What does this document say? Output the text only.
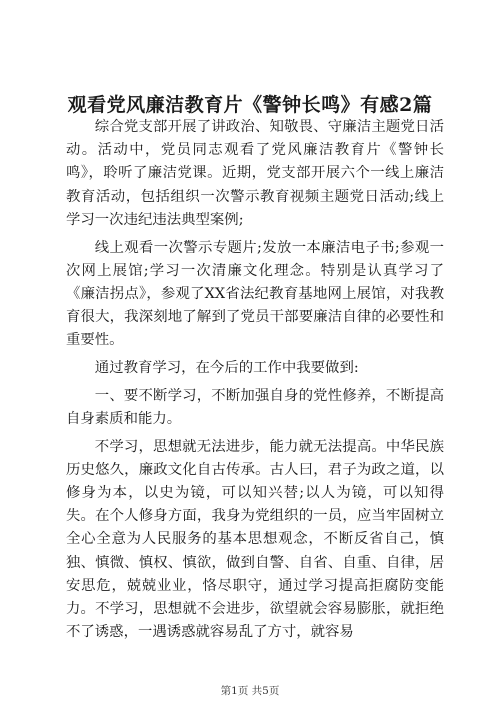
观看党风廉洁教育片《警钟长鸣》有感2篇

综合党支部开展了讲政治、知敬畏、守廉洁主题党日活动。活动中，党员同志观看了党风廉洁教育片《警钟长鸣》，聆听了廉洁党课。近期，党支部开展六个一线上廉洁教育活动，包括组织一次警示教育视频主题党日活动;线上学习一次违纪违法典型案例;

线上观看一次警示专题片;发放一本廉洁电子书;参观一次网上展馆;学习一次清廉文化理念。特别是认真学习了《廉洁拐点》，参观了XX省法纪教育基地网上展馆，对我教育很大，我深刻地了解到了党员干部要廉洁自律的必要性和重要性。

通过教育学习，在今后的工作中我要做到:

一、要不断学习，不断加强自身的党性修养，不断提高自身素质和能力。

不学习，思想就无法进步，能力就无法提高。中华民族历史悠久，廉政文化自古传承。古人曰，君子为政之道，以修身为本，以史为镜，可以知兴替;以人为镜，可以知得失。在个人修身方面，我身为党组织的一员，应当牢固树立全心全意为人民服务的基本思想观念，不断反省自己，慎独、慎微、慎权、慎欲，做到自警、自省、自重、自律，居安思危，兢兢业业，恪尽职守，通过学习提高拒腐防变能力。不学习，思想就不会进步，欲望就会容易膨胀，就拒绝不了诱惑，一遇诱惑就容易乱了方寸，就容易

第1页 共5页
